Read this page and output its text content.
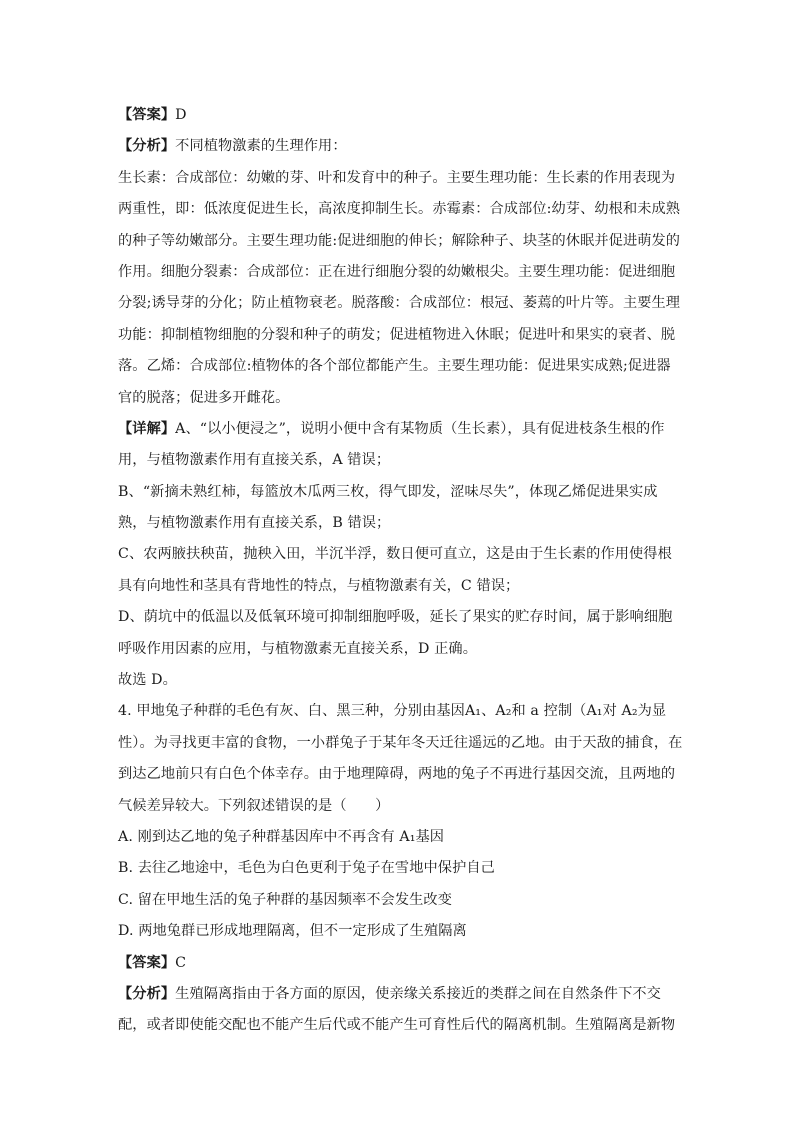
【答案】D
【分析】不同植物激素的生理作用：
生长素：合成部位：幼嫩的芽、叶和发育中的种子。主要生理功能：生长素的作用表现为
两重性，即：低浓度促进生长，高浓度抑制生长。赤霉素：合成部位:幼芽、幼根和未成熟
的种子等幼嫩部分。主要生理功能:促进细胞的伸长；解除种子、块茎的休眠并促进萌发的
作用。细胞分裂素：合成部位：正在进行细胞分裂的幼嫩根尖。主要生理功能：促进细胞
分裂;诱导芽的分化；防止植物衰老。脱落酸：合成部位：根冠、萎蔫的叶片等。主要生理
功能：抑制植物细胞的分裂和种子的萌发；促进植物进入休眠；促进叶和果实的衰者、脱
落。乙烯：合成部位:植物体的各个部位都能产生。主要生理功能：促进果实成熟;促进器
官的脱落；促进多开雌花。
【详解】A、“以小便浸之”，说明小便中含有某物质（生长素），具有促进枝条生根的作
用，与植物激素作用有直接关系，A 错误；
B、“新摘未熟红柿，每篮放木瓜两三枚，得气即发，涩味尽失”，体现乙烯促进果实成
熟，与植物激素作用有直接关系，B 错误；
C、农两腋扶秧苗，抛秧入田，半沉半浮，数日便可直立，这是由于生长素的作用使得根
具有向地性和茎具有背地性的特点，与植物激素有关，C 错误；
D、荫坑中的低温以及低氧环境可抑制细胞呼吸，延长了果实的贮存时间，属于影响细胞
呼吸作用因素的应用，与植物激素无直接关系，D 正确。
故选 D。
4. 甲地兔子种群的毛色有灰、白、黑三种，分别由基因A₁、A₂和 a 控制（A₁对 A₂为显
性）。为寻找更丰富的食物，一小群兔子于某年冬天迁往遥远的乙地。由于天敌的捕食，在
到达乙地前只有白色个体幸存。由于地理障碍，两地的兔子不再进行基因交流，且两地的
气候差异较大。下列叙述错误的是（　　）
A. 刚到达乙地的兔子种群基因库中不再含有 A₁基因
B. 去往乙地途中，毛色为白色更利于兔子在雪地中保护自己
C. 留在甲地生活的兔子种群的基因频率不会发生改变
D. 两地兔群已形成地理隔离，但不一定形成了生殖隔离
【答案】C
【分析】生殖隔离指由于各方面的原因，使亲缘关系接近的类群之间在自然条件下不交
配，或者即使能交配也不能产生后代或不能产生可育性后代的隔离机制。生殖隔离是新物
